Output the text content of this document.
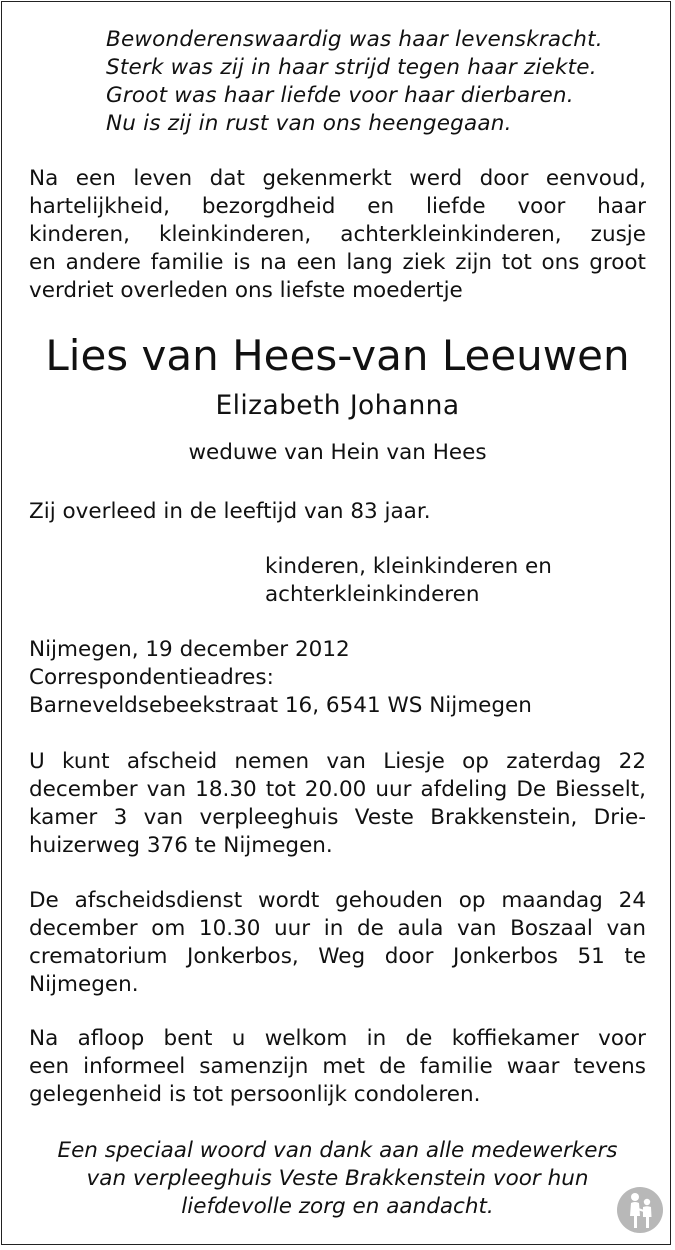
Bewonderenswaardig was haar levenskracht.
Sterk was zij in haar strijd tegen haar ziekte.
Groot was haar liefde voor haar dierbaren.
Nu is zij in rust van ons heengegaan.
Na een leven dat gekenmerkt werd door eenvoud,
hartelijkheid, bezorgdheid en liefde voor haar
kinderen, kleinkinderen, achterkleinkinderen, zusje
en andere familie is na een lang ziek zijn tot ons groot
verdriet overleden ons liefste moedertje
Lies van Hees-van Leeuwen
Elizabeth Johanna
weduwe van Hein van Hees
Zij overleed in de leeftijd van 83 jaar.
kinderen, kleinkinderen en
achterkleinkinderen
Nijmegen, 19 december 2012
Correspondentieadres:
Barneveldsebeekstraat 16, 6541 WS Nijmegen
U kunt afscheid nemen van Liesje op zaterdag 22
december van 18.30 tot 20.00 uur afdeling De Biesselt,
kamer 3 van verpleeghuis Veste Brakkenstein, Drie-
huizerweg 376 te Nijmegen.
De afscheidsdienst wordt gehouden op maandag 24
december om 10.30 uur in de aula van Boszaal van
crematorium Jonkerbos, Weg door Jonkerbos 51 te
Nijmegen.
Na afloop bent u welkom in de koffiekamer voor
een informeel samenzijn met de familie waar tevens
gelegenheid is tot persoonlijk condoleren.
Een speciaal woord van dank aan alle medewerkers
van verpleeghuis Veste Brakkenstein voor hun
liefdevolle zorg en aandacht.
